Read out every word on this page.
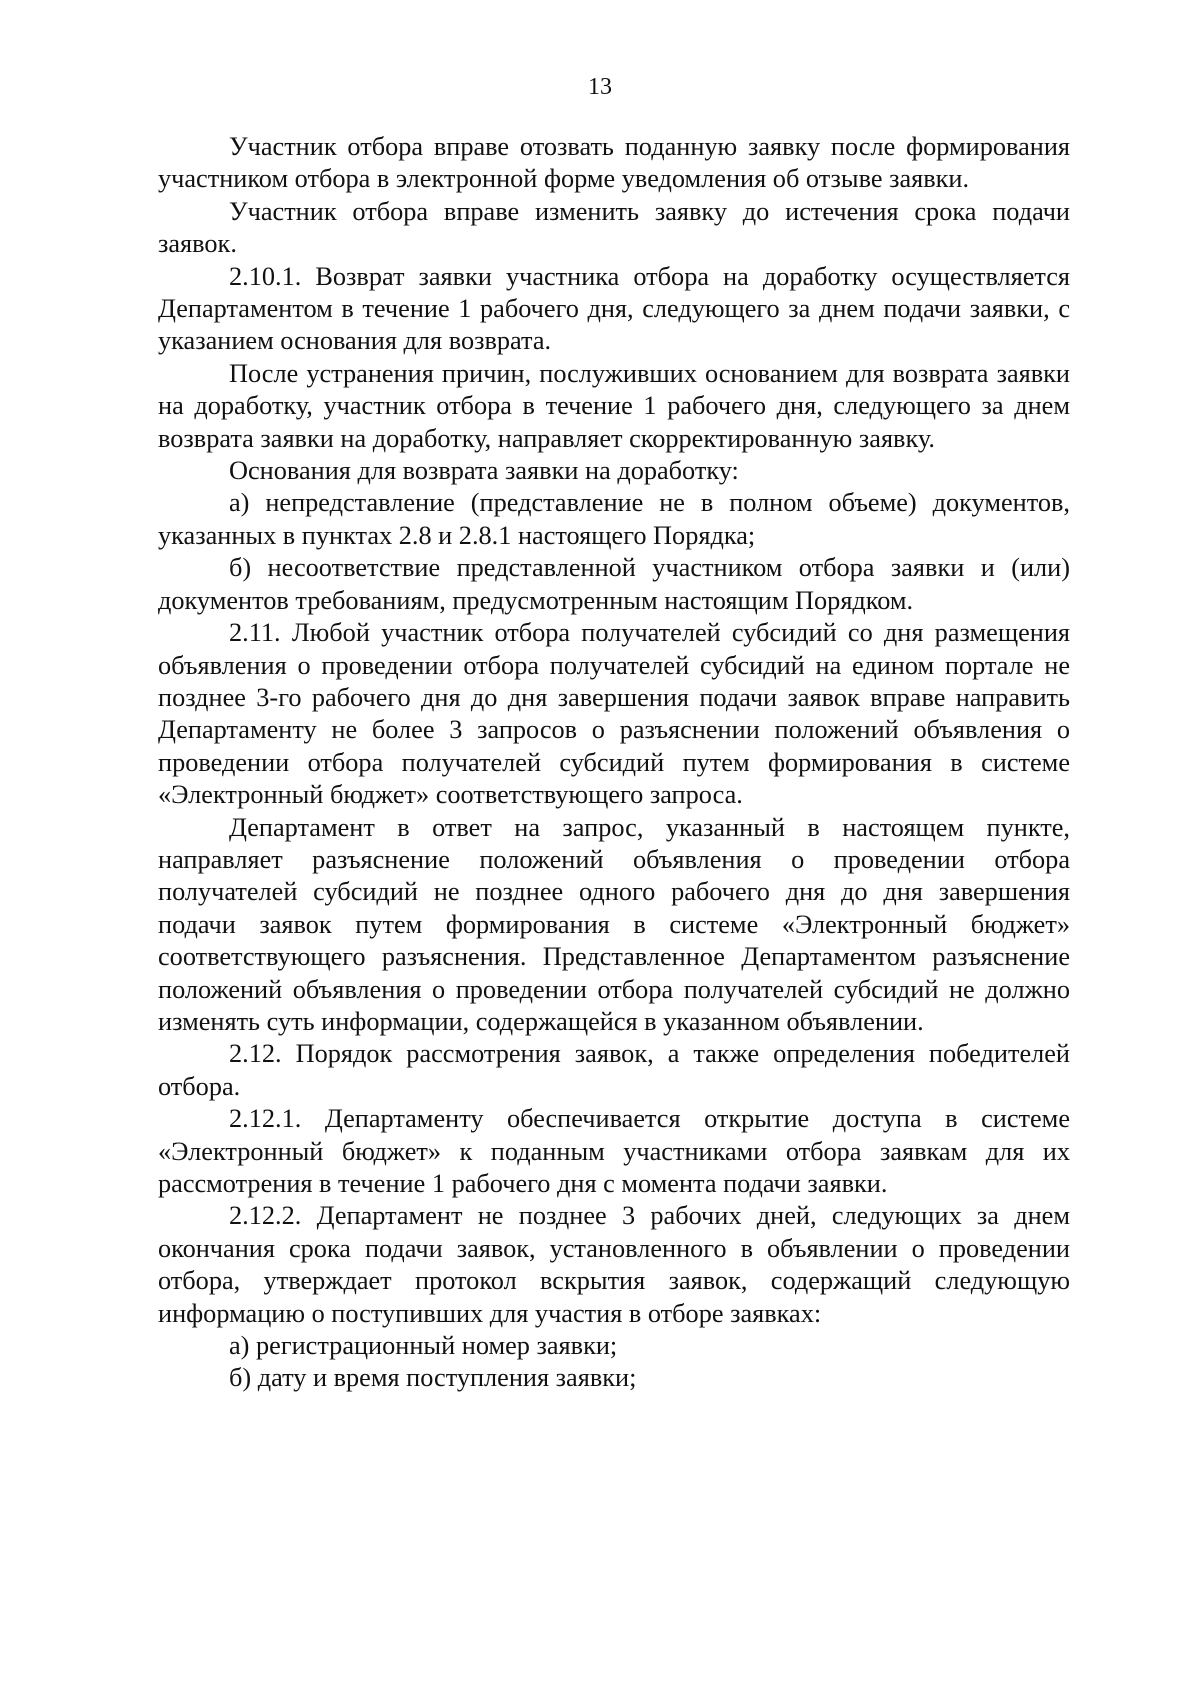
13

Участник отбора вправе отозвать поданную заявку после формирования участником отбора в электронной форме уведомления об отзыве заявки.

Участник отбора вправе изменить заявку до истечения срока подачи заявок.

2.10.1. Возврат заявки участника отбора на доработку осуществляется Департаментом в течение 1 рабочего дня, следующего за днем подачи заявки, с указанием основания для возврата.

После устранения причин, послуживших основанием для возврата заявки на доработку, участник отбора в течение 1 рабочего дня, следующего за днем возврата заявки на доработку, направляет скорректированную заявку.

Основания для возврата заявки на доработку:

а) непредставление (представление не в полном объеме) документов, указанных в пунктах 2.8 и 2.8.1 настоящего Порядка;

б) несоответствие представленной участником отбора заявки и (или) документов требованиям, предусмотренным настоящим Порядком.

2.11. Любой участник отбора получателей субсидий со дня размещения объявления о проведении отбора получателей субсидий на едином портале не позднее 3-го рабочего дня до дня завершения подачи заявок вправе направить Департаменту не более 3 запросов о разъяснении положений объявления о проведении отбора получателей субсидий путем формирования в системе «Электронный бюджет» соответствующего запроса.

Департамент в ответ на запрос, указанный в настоящем пункте, направляет разъяснение положений объявления о проведении отбора получателей субсидий не позднее одного рабочего дня до дня завершения подачи заявок путем формирования в системе «Электронный бюджет» соответствующего разъяснения. Представленное Департаментом разъяснение положений объявления о проведении отбора получателей субсидий не должно изменять суть информации, содержащейся в указанном объявлении.

2.12. Порядок рассмотрения заявок, а также определения победителей отбора.

2.12.1. Департаменту обеспечивается открытие доступа в системе «Электронный бюджет» к поданным участниками отбора заявкам для их рассмотрения в течение 1 рабочего дня с момента подачи заявки.

2.12.2. Департамент не позднее 3 рабочих дней, следующих за днем окончания срока подачи заявок, установленного в объявлении о проведении отбора, утверждает протокол вскрытия заявок, содержащий следующую информацию о поступивших для участия в отборе заявках:

а) регистрационный номер заявки;

б) дату и время поступления заявки;
